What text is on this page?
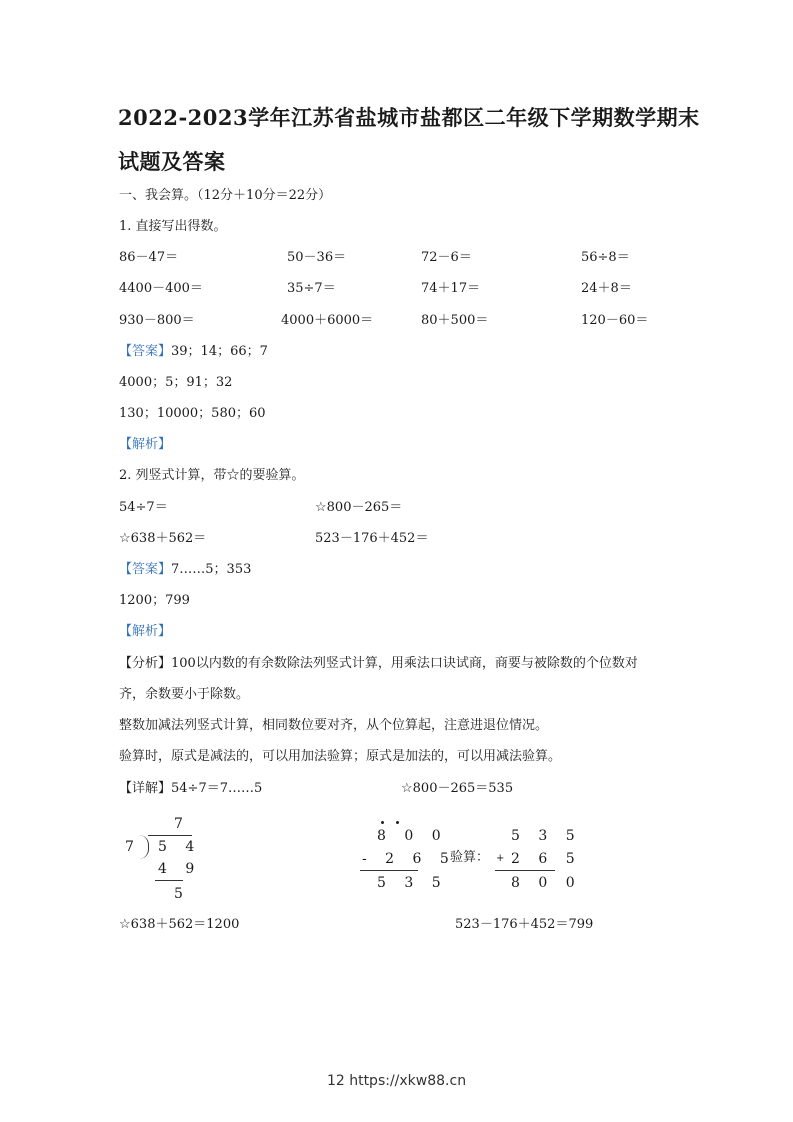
2022-2023学年江苏省盐城市盐都区二年级下学期数学期末
试题及答案
一、我会算。（12分＋10分＝22分）
1. 直接写出得数。
86－47＝	50－36＝	72－6＝	56÷8＝
4400－400＝	35÷7＝	74＋17＝	24＋8＝
930－800＝	4000＋6000＝	80＋500＝	120－60＝
【答案】39；14；66；7
4000；5；91；32
130；10000；580；60
【解析】
2. 列竖式计算，带☆的要验算。
54÷7＝	☆800－265＝
☆638＋562＝	523－176＋452＝
【答案】7……5；353
1200；799
【解析】
【分析】100以内数的有余数除法列竖式计算，用乘法口诀试商，商要与被除数的个位数对
齐，余数要小于除数。
整数加减法列竖式计算，相同数位要对齐，从个位算起，注意进退位情况。
验算时，原式是减法的，可以用加法验算；原式是加法的，可以用减法验算。
【详解】54÷7＝7……5	☆800－265＝535
7
7 5 4
4 9
5
8 0 0
- 2 6 5
5 3 5
验算：
5 3 5
+ 2 6 5
8 0 0
☆638＋562＝1200	523－176＋452＝799
12 https://xkw88.cn
